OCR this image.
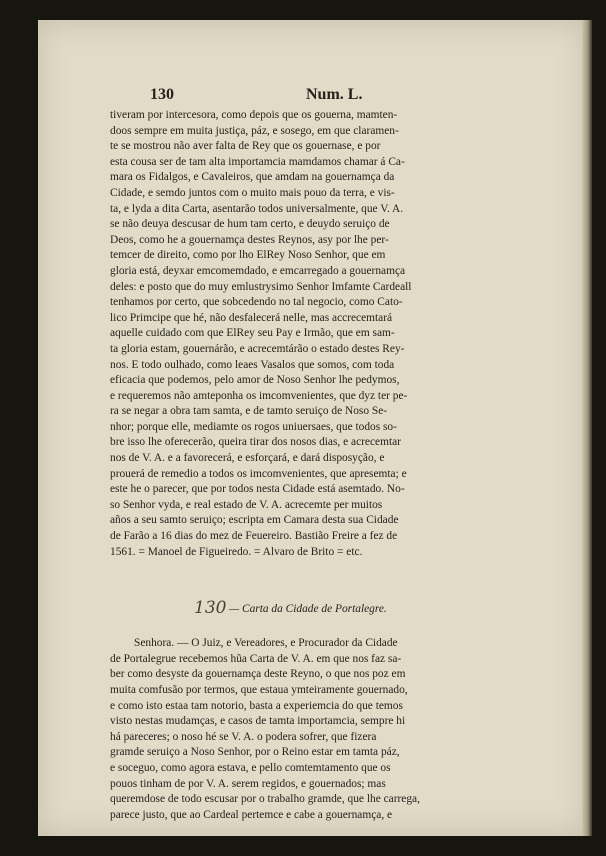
130	Num. L.

tiveram por intercesora, como depois que os gouerna, mamten-
doos sempre em muita justiça, páz, e sosego, em que claramen-
te se mostrou não aver falta de Rey que os gouernase, e por
esta cousa ser de tam alta importamcia mamdamos chamar á Ca-
mara os Fidalgos, e Cavaleiros, que amdam na gouernamça da
Cidade, e semdo juntos com o muito mais pouo da terra, e vis-
ta, e lyda a dita Carta, asentarão todos universalmente, que V. A.
se não deuya descusar de hum tam certo, e deuydo seruiço de
Deos, como he a gouernamça destes Reynos, asy por lhe per-
temcer de direito, como por lho ElRey Noso Senhor, que em
gloria está, deyxar emcomemdado, e emcarregado a gouernamça
deles: e posto que do muy emlustrysimo Senhor Imfamte Cardeall
tenhamos por certo, que sobcedendo no tal negocio, como Cato-
lico Primcipe que hé, não desfalecerá nelle, mas accrecemtará
aquelle cuidado com que ElRey seu Pay e Irmão, que em sam-
ta gloria estam, gouernárão, e acrecemtárão o estado destes Rey-
nos. E todo oulhado, como leaes Vasalos que somos, com toda
eficacia que podemos, pelo amor de Noso Senhor lhe pedymos,
e requeremos não amteponha os imcomvenientes, que dyz ter pe-
ra se negar a obra tam samta, e de tamto seruiço de Noso Se-
nhor; porque elle, mediamte os rogos uniuersaes, que todos so-
bre isso lhe oferecerão, queira tirar dos nosos dias, e acrecemtar
nos de V. A. e a favorecerá, e esforçará, e dará disposyção, e
prouerá de remedio a todos os imcomvenientes, que apresemta; e
este he o parecer, que por todos nesta Cidade está asemtado. No-
so Senhor vyda, e real estado de V. A. acrecemte per muitos
años a seu samto seruiço; escripta em Camara desta sua Cidade
de Farão a 16 dias do mez de Feuereiro. Bastião Freire a fez de
1561. = Manoel de Figueiredo. = Alvaro de Brito = etc.

130 — Carta da Cidade de Portalegre.

Senhora. — O Juiz, e Vereadores, e Procurador da Cidade
de Portalegrue recebemos hũa Carta de V. A. em que nos faz sa-
ber como desyste da gouernamça deste Reyno, o que nos poz em
muita comfusão por termos, que estaua ymteiramente gouernado,
e como isto estaa tam notorio, basta a experiemcia do que temos
visto nestas mudamças, e casos de tamta importamcia, sempre hi
há pareceres; o noso hé se V. A. o podera sofrer, que fizera
gramde seruiço a Noso Senhor, por o Reino estar em tamta páz,
e soceguo, como agora estava, e pello comtemtamento que os
pouos tinham de por V. A. serem regidos, e gouernados; mas
queremdose de todo escusar por o trabalho gramde, que lhe carrega,
parece justo, que ao Cardeal pertemce e cabe a gouernamça, e
